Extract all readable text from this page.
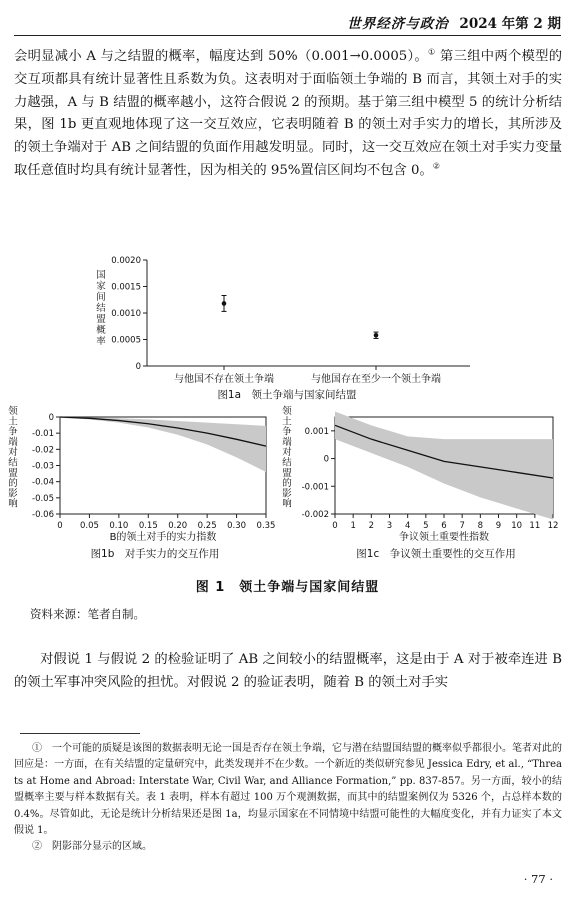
世界经济与政治 2024 年第 2 期
会明显减小 A 与之结盟的概率，幅度达到 50%（0.001→0.0005）。① 第三组中两个模型的交互项都具有统计显著性且系数为负。这表明对于面临领土争端的 B 而言，其领土对手的实力越强，A 与 B 结盟的概率越小，这符合假说 2 的预期。基于第三组中模型 5 的统计分析结果，图 1b 更直观地体现了这一交互效应，它表明随着 B 的领土对手实力的增长，其所涉及的领土争端对于 AB 之间结盟的负面作用越发明显。同时，这一交互效应在领土对手实力变量取任意值时均具有统计显著性，因为相关的 95%置信区间均不包含 0。②
0
0.0005
0.0010
0.0015
0.0020
与他国不存在领土争端	与他国存在至少一个领土争端
国
家
间
结
盟
概
率
图1a　领土争端与国家间结盟
0
-0.01
-0.02
-0.03
-0.04
-0.05
-0.06
0 0.05 0.10 0.15 0.20 0.25 0.30 0.35
B的领土对手的实力指数
领
土
争
端
对
结
盟
的
影
响
图1b　对手实力的交互作用
0.001
0
-0.001
-0.002
0 1 2 3 4 5 6 7 8 9 10 11 12
争议领土重要性指数
领
土
争
端
对
结
盟
的
影
响
图1c　争议领土重要性的交互作用
图 1　领土争端与国家间结盟
资料来源：笔者自制。
对假说 1 与假说 2 的检验证明了 AB 之间较小的结盟概率，这是由于 A 对于被牵连进 B 的领土军事冲突风险的担忧。对假说 2 的验证表明，随着 B 的领土对手实

①　一个可能的质疑是该图的数据表明无论一国是否存在领土争端，它与潜在结盟国结盟的概率似乎都很小。笔者对此的回应是：一方面，在有关结盟的定量研究中，此类发现并不在少数。一个新近的类似研究参见 Jessica Edry, et al., “Threats at Home and Abroad: Interstate War, Civil War, and Alliance Formation,” pp. 837-857。另一方面，较小的结盟概率主要与样本数据有关。表 1 表明，样本有超过 100 万个观测数据，而其中的结盟案例仅为 5326 个，占总样本数的 0.4%。尽管如此，无论是统计分析结果还是图 1a，均显示国家在不同情境中结盟可能性的大幅度变化，并有力证实了本文假说 1。

②　阴影部分显示的区域。

· 77 ·
